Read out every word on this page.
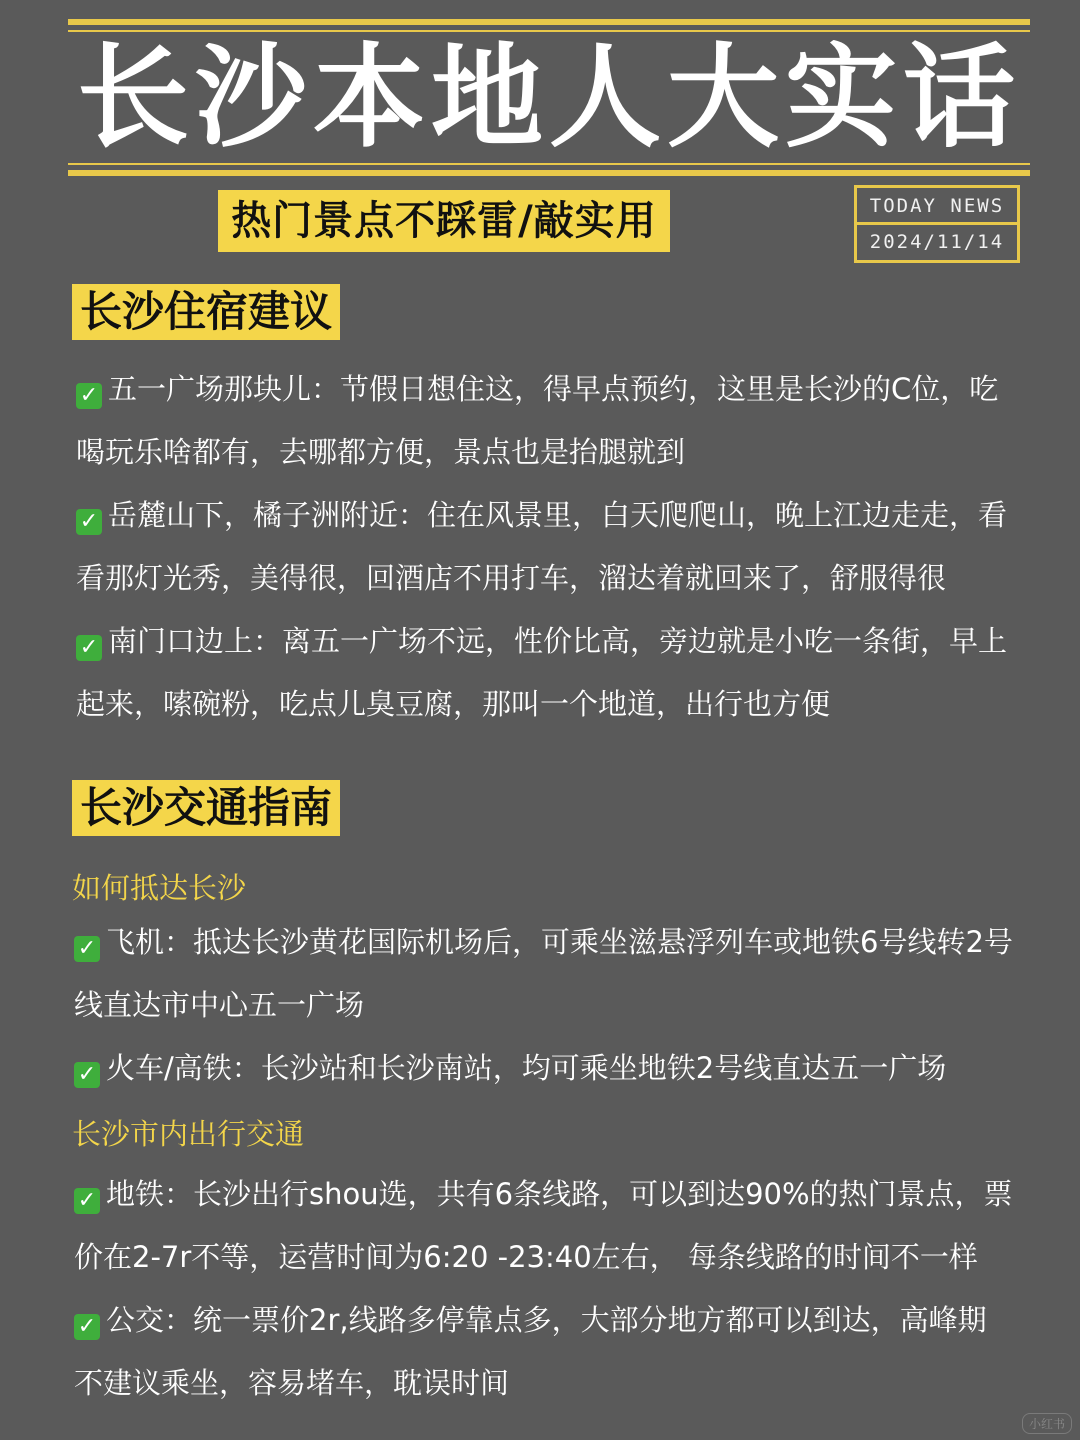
长沙本地人大实话
热门景点不踩雷/敲实用	TODAY NEWS
2024/11/14
长沙住宿建议
✓ 五一广场那块儿：节假日想住这，得早点预约，这里是长沙的C位，吃喝玩乐啥都有，去哪都方便，景点也是抬腿就到
✓ 岳麓山下，橘子洲附近：住在风景里，白天爬爬山，晚上江边走走，看看那灯光秀，美得很，回酒店不用打车，溜达着就回来了，舒服得很
✓ 南门口边上：离五一广场不远，性价比高，旁边就是小吃一条街，早上起来，嗦碗粉，吃点儿臭豆腐，那叫一个地道，出行也方便
长沙交通指南
如何抵达长沙
✓ 飞机：抵达长沙黄花国际机场后，可乘坐滋悬浮列车或地铁6号线转2号线直达市中心五一广场
✓ 火车/高铁：长沙站和长沙南站，均可乘坐地铁2号线直达五一广场
长沙市内出行交通
✓ 地铁：长沙出行shou选，共有6条线路，可以到达90%的热门景点，票价在2-7r不等，运营时间为6:20 -23:40左右， 每条线路的时间不一样
✓ 公交：统一票价2r,线路多停靠点多，大部分地方都可以到达，高峰期不建议乘坐，容易堵车，耽误时间
小红书
